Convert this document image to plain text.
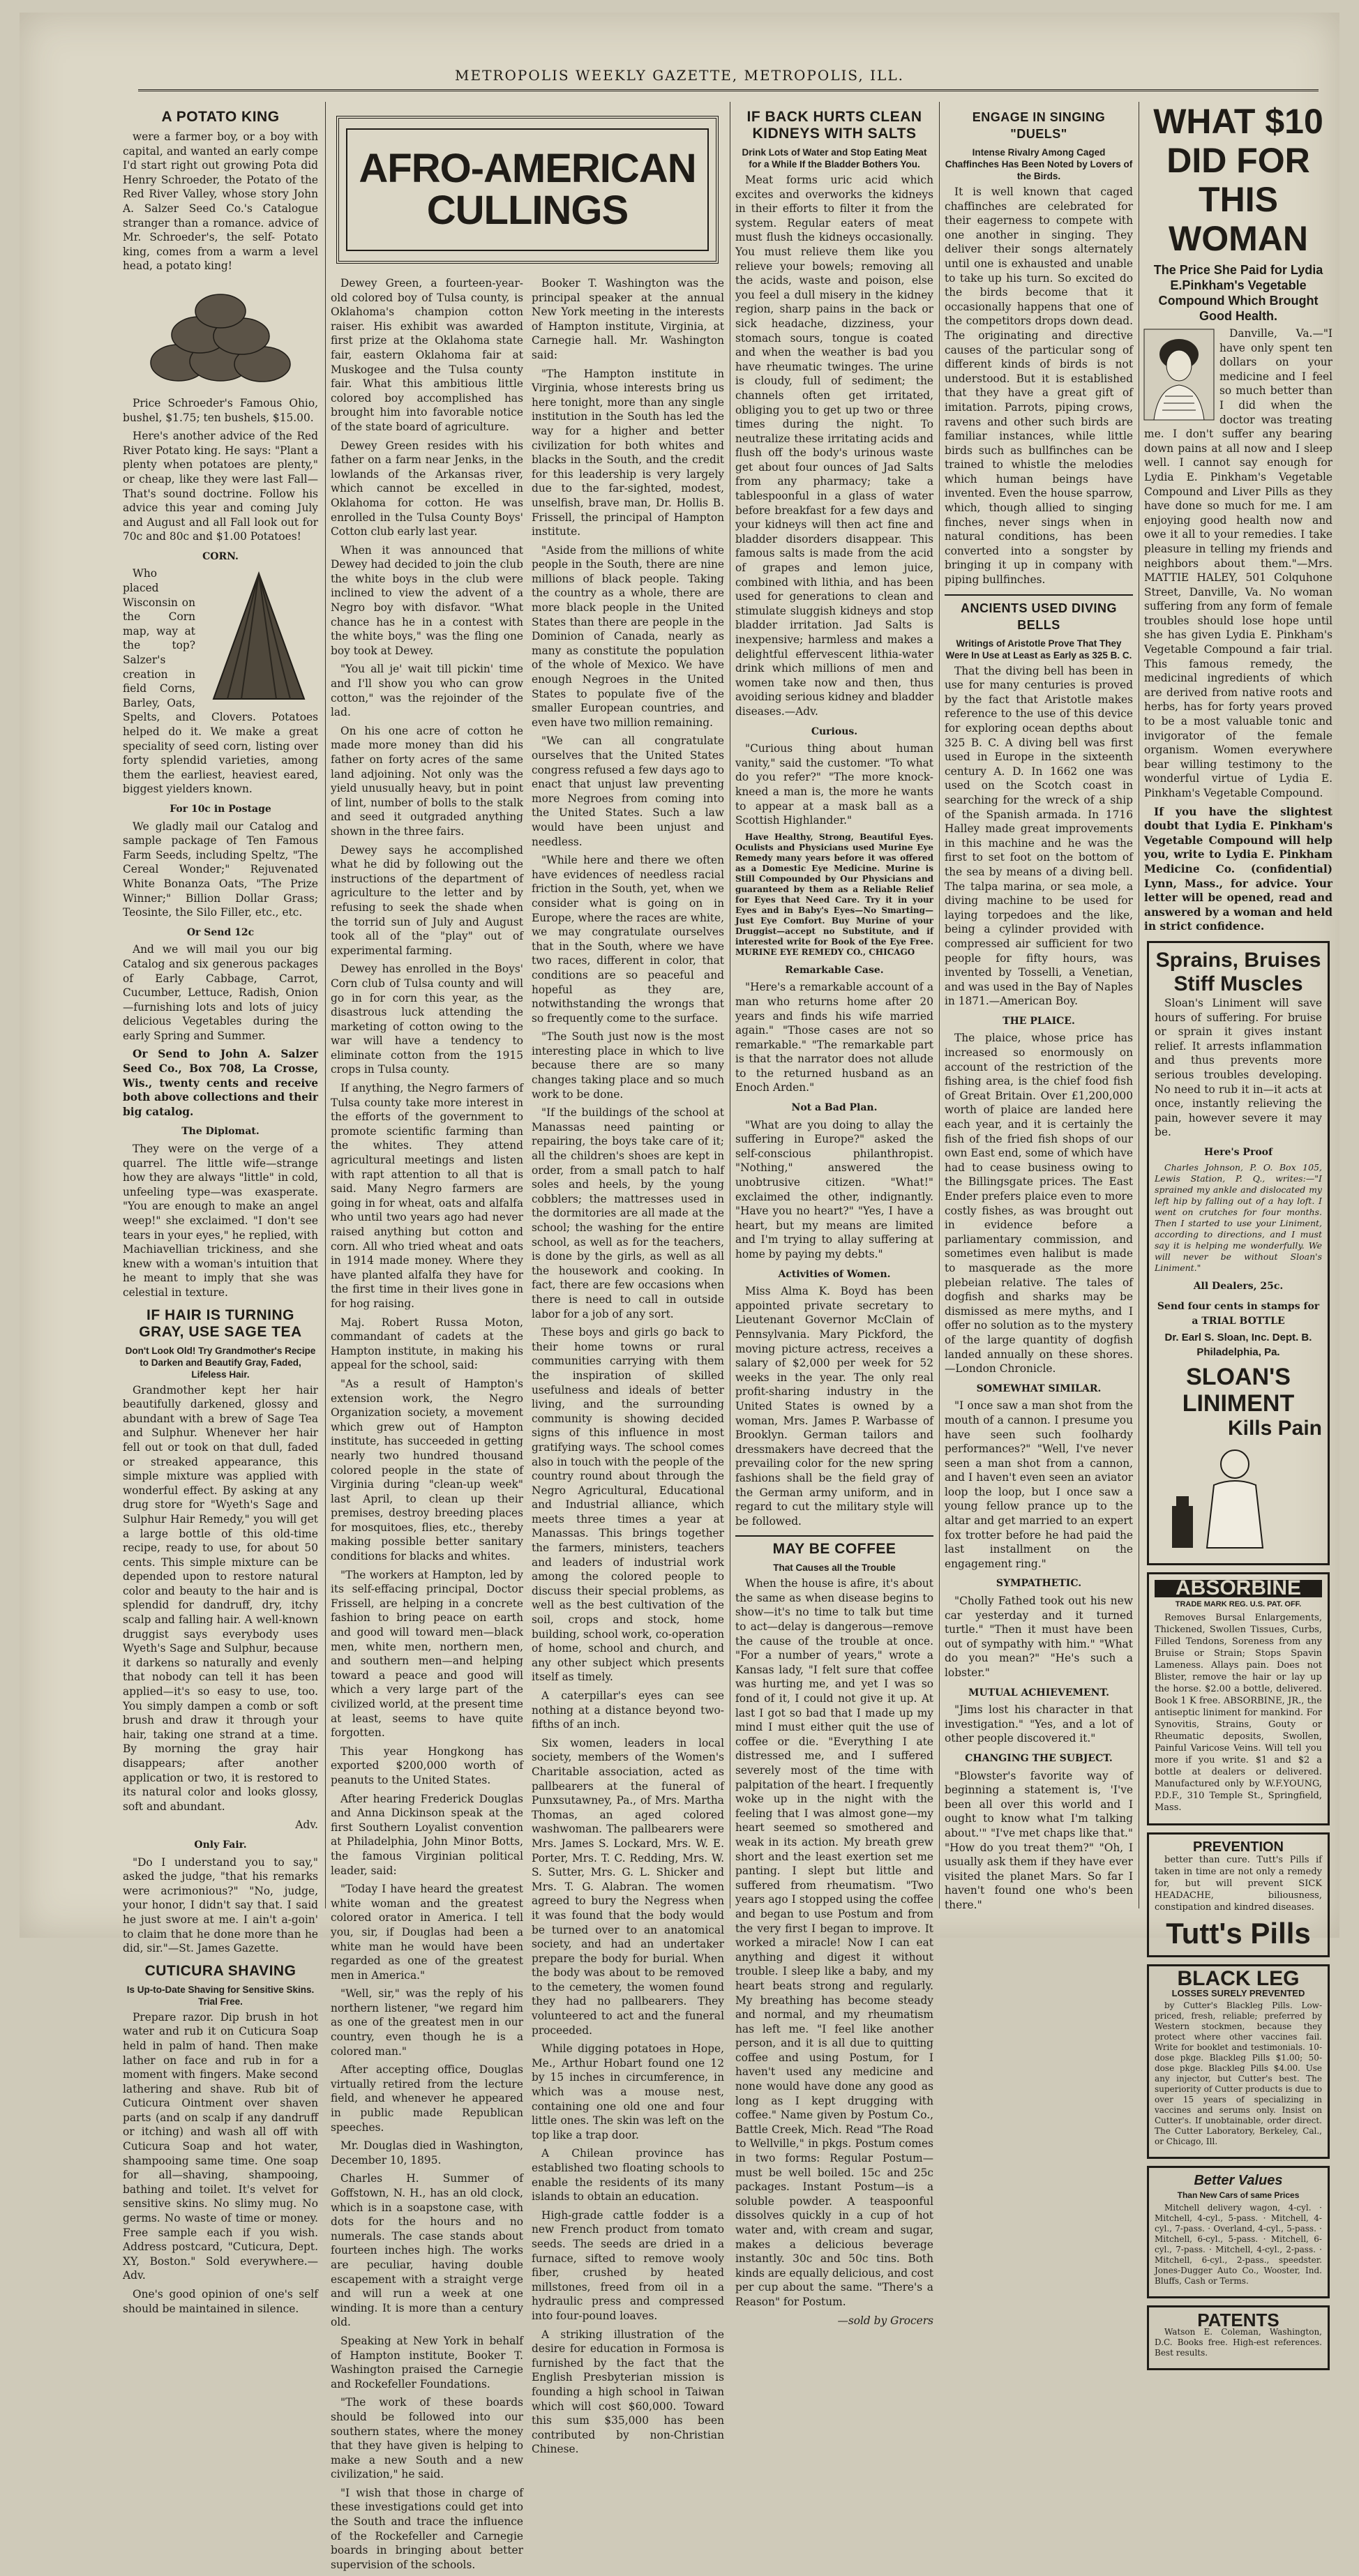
METROPOLIS WEEKLY GAZETTE, METROPOLIS, ILL.
A POTATO KING

were a farmer boy, or a boy with capital, and wanted an early compe I'd start right out growing Pota did Henry Schroeder, the Potato of the Red River Valley, whose story John A. Salzer Seed Co.'s Catalogue stranger than a romance. advice of Mr. Schroeder's, the self- Potato king, comes from a warm a level head, a potato king!

Price Schroeder's Famous Ohio, bushel, $1.75; ten bushels, $15.00.

Here's another advice of the Red River Potato king. He says: "Plant a plenty when potatoes are plenty," or cheap, like they were last Fall—That's sound doctrine. Follow his advice this year and coming July and August and all Fall look out for 70c and 80c and $1.00 Potatoes!

CORN.

Who placed Wisconsin on the Corn map, way at the top? Salzer's creation in field Corns, Barley, Oats, Spelts, and Clovers. Potatoes helped do it. We make a great speciality of seed corn, listing over forty splendid varieties, among them the earliest, heaviest eared, biggest yielders known.

For 10c in Postage

We gladly mail our Catalog and sample package of Ten Famous Farm Seeds, including Speltz, "The Cereal Wonder;" Rejuvenated White Bonanza Oats, "The Prize Winner;" Billion Dollar Grass; Teosinte, the Silo Filler, etc., etc.

Or Send 12c

And we will mail you our big Catalog and six generous packages of Early Cabbage, Carrot, Cucumber, Lettuce, Radish, Onion—furnishing lots and lots of juicy delicious Vegetables during the early Spring and Summer.

Or Send to John A. Salzer Seed Co., Box 708, La Crosse, Wis., twenty cents and receive both above collections and their big catalog.

The Diplomat.

They were on the verge of a quarrel. The little wife—strange how they are always "little" in cold, unfeeling type—was exasperate. "You are enough to make an angel weep!" she exclaimed. "I don't see tears in your eyes," he replied, with Machiavellian trickiness, and she knew with a woman's intuition that he meant to imply that she was celestial in texture.

IF HAIR IS TURNING GRAY, USE SAGE TEA
Don't Look Old! Try Grandmother's Recipe to Darken and Beautify Gray, Faded, Lifeless Hair.

Grandmother kept her hair beautifully darkened, glossy and abundant with a brew of Sage Tea and Sulphur. Whenever her hair fell out or took on that dull, faded or streaked appearance, this simple mixture was applied with wonderful effect. By asking at any drug store for "Wyeth's Sage and Sulphur Hair Remedy," you will get a large bottle of this old-time recipe, ready to use, for about 50 cents. This simple mixture can be depended upon to restore natural color and beauty to the hair and is splendid for dandruff, dry, itchy scalp and falling hair. A well-known druggist says everybody uses Wyeth's Sage and Sulphur, because it darkens so naturally and evenly that nobody can tell it has been applied—it's so easy to use, too. You simply dampen a comb or soft brush and draw it through your hair, taking one strand at a time. By morning the gray hair disappears; after another application or two, it is restored to its natural color and looks glossy, soft and abundant.

Adv.
Only Fair.

"Do I understand you to say," asked the judge, "that his remarks were acrimonious?" "No, judge, your honor, I didn't say that. I said he just swore at me. I ain't a-goin' to claim that he done more than he did, sir."—St. James Gazette.

CUTICURA SHAVING
Is Up-to-Date Shaving for Sensitive Skins. Trial Free.

Prepare razor. Dip brush in hot water and rub it on Cuticura Soap held in palm of hand. Then make lather on face and rub in for a moment with fingers. Make second lathering and shave. Rub bit of Cuticura Ointment over shaven parts (and on scalp if any dandruff or itching) and wash all off with Cuticura Soap and hot water, shampooing same time. One soap for all—shaving, shampooing, bathing and toilet. It's velvet for sensitive skins. No slimy mug. No germs. No waste of time or money. Free sample each if you wish. Address postcard, "Cuticura, Dept. XY, Boston." Sold everywhere.—Adv.

One's good opinion of one's self should be maintained in silence.

AFRO-AMERICAN CULLINGS

Dewey Green, a fourteen-year-old colored boy of Tulsa county, is Oklahoma's champion cotton raiser. His exhibit was awarded first prize at the Oklahoma state fair, eastern Oklahoma fair at Muskogee and the Tulsa county fair. What this ambitious little colored boy accomplished has brought him into favorable notice of the state board of agriculture.

Dewey Green resides with his father on a farm near Jenks, in the lowlands of the Arkansas river, which cannot be excelled in Oklahoma for cotton. He was enrolled in the Tulsa County Boys' Cotton club early last year.

When it was announced that Dewey had decided to join the club the white boys in the club were inclined to view the advent of a Negro boy with disfavor. "What chance has he in a contest with the white boys," was the fling one boy took at Dewey.

"You all je' wait till pickin' time and I'll show you who can grow cotton," was the rejoinder of the lad.

On his one acre of cotton he made more money than did his father on forty acres of the same land adjoining. Not only was the yield unusually heavy, but in point of lint, number of bolls to the stalk and seed it outgraded anything shown in the three fairs.

Dewey says he accomplished what he did by following out the instructions of the department of agriculture to the letter and by refusing to seek the shade when the torrid sun of July and August took all of the "play" out of experimental farming.

Dewey has enrolled in the Boys' Corn club of Tulsa county and will go in for corn this year, as the disastrous luck attending the marketing of cotton owing to the war will have a tendency to eliminate cotton from the 1915 crops in Tulsa county.

If anything, the Negro farmers of Tulsa county take more interest in the efforts of the government to promote scientific farming than the whites. They attend agricultural meetings and listen with rapt attention to all that is said. Many Negro farmers are going in for wheat, oats and alfalfa who until two years ago had never raised anything but cotton and corn. All who tried wheat and oats in 1914 made money. Where they have planted alfalfa they have for the first time in their lives gone in for hog raising.

Maj. Robert Russa Moton, commandant of cadets at the Hampton institute, in making his appeal for the school, said:

"As a result of Hampton's extension work, the Negro Organization society, a movement which grew out of Hampton institute, has succeeded in getting nearly two hundred thousand colored people in the state of Virginia during "clean-up week" last April, to clean up their premises, destroy breeding places for mosquitoes, flies, etc., thereby making possible better sanitary conditions for blacks and whites.

"The workers at Hampton, led by its self-effacing principal, Doctor Frissell, are helping in a concrete fashion to bring peace on earth and good will toward men—black men, white men, northern men, and southern men—and helping toward a peace and good will which a very large part of the civilized world, at the present time at least, seems to have quite forgotten.

This year Hongkong has exported $200,000 worth of peanuts to the United States.

After hearing Frederick Douglas and Anna Dickinson speak at the first Southern Loyalist convention at Philadelphia, John Minor Botts, the famous Virginian political leader, said:

"Today I have heard the greatest white woman and the greatest colored orator in America. I tell you, sir, if Douglas had been a white man he would have been regarded as one of the greatest men in America."

"Well, sir," was the reply of his northern listener, "we regard him as one of the greatest men in our country, even though he is a colored man."

After accepting office, Douglas virtually retired from the lecture field, and whenever he appeared in public made Republican speeches.

Mr. Douglas died in Washington, December 10, 1895.

Charles H. Summer of Goffstown, N. H., has an old clock, which is in a soapstone case, with dots for the hours and no numerals. The case stands about fourteen inches high. The works are peculiar, having double escapement with a straight verge and will run a week at one winding. It is more than a century old.

Speaking at New York in behalf of Hampton institute, Booker T. Washington praised the Carnegie and Rockefeller Foundations.

"The work of these boards should be followed into our southern states, where the money that they have given is helping to make a new South and a new civilization," he said.

"I wish that those in charge of these investigations could get into the South and trace the influence of the Rockefeller and Carnegie boards in bringing about better supervision of the schools.

Booker T. Washington was the principal speaker at the annual New York meeting in the interests of Hampton institute, Virginia, at Carnegie hall. Mr. Washington said:

"The Hampton institute in Virginia, whose interests bring us here tonight, more than any single institution in the South has led the way for a higher and better civilization for both whites and blacks in the South, and the credit for this leadership is very largely due to the far-sighted, modest, unselfish, brave man, Dr. Hollis B. Frissell, the principal of Hampton institute.

"Aside from the millions of white people in the South, there are nine millions of black people. Taking the country as a whole, there are more black people in the United States than there are people in the Dominion of Canada, nearly as many as constitute the population of the whole of Mexico. We have enough Negroes in the United States to populate five of the smaller European countries, and even have two million remaining.

"We can all congratulate ourselves that the United States congress refused a few days ago to enact that unjust law preventing more Negroes from coming into the United States. Such a law would have been unjust and needless.

"While here and there we often have evidences of needless racial friction in the South, yet, when we consider what is going on in Europe, where the races are white, we may congratulate ourselves that in the South, where we have two races, different in color, that conditions are so peaceful and hopeful as they are, notwithstanding the wrongs that so frequently come to the surface.

"The South just now is the most interesting place in which to live because there are so many changes taking place and so much work to be done.

"If the buildings of the school at Manassas need painting or repairing, the boys take care of it; all the children's shoes are kept in order, from a small patch to half soles and heels, by the young cobblers; the mattresses used in the dormitories are all made at the school; the washing for the entire school, as well as for the teachers, is done by the girls, as well as all the housework and cooking. In fact, there are few occasions when there is need to call in outside labor for a job of any sort.

These boys and girls go back to their home towns or rural communities carrying with them the inspiration of skilled usefulness and ideals of better living, and the surrounding community is showing decided signs of this influence in most gratifying ways. The school comes also in touch with the people of the country round about through the Negro Agricultural, Educational and Industrial alliance, which meets three times a year at Manassas. This brings together the farmers, ministers, teachers and leaders of industrial work among the colored people to discuss their special problems, as well as the best cultivation of the soil, crops and stock, home building, school work, co-operation of home, school and church, and any other subject which presents itself as timely.

A caterpillar's eyes can see nothing at a distance beyond two-fifths of an inch.

Six women, leaders in local society, members of the Women's Charitable association, acted as pallbearers at the funeral of Punxsutawney, Pa., of Mrs. Martha Thomas, an aged colored washwoman. The pallbearers were Mrs. James S. Lockard, Mrs. W. E. Porter, Mrs. T. C. Redding, Mrs. W. S. Sutter, Mrs. G. L. Shicker and Mrs. T. G. Alabran. The women agreed to bury the Negress when it was found that the body would be turned over to an anatomical society, and had an undertaker prepare the body for burial. When the body was about to be removed to the cemetery, the women found they had no pallbearers. They volunteered to act and the funeral proceeded.

While digging potatoes in Hope, Me., Arthur Hobart found one 12 by 15 inches in circumference, in which was a mouse nest, containing one old one and four little ones. The skin was left on the top like a trap door.

A Chilean province has established two floating schools to enable the residents of its many islands to obtain an education.

High-grade cattle fodder is a new French product from tomato seeds. The seeds are dried in a furnace, sifted to remove wooly fiber, crushed by heated millstones, freed from oil in a hydraulic press and compressed into four-pound loaves.

A striking illustration of the desire for education in Formosa is furnished by the fact that the English Presbyterian mission is founding a high school in Taiwan which will cost $60,000. Toward this sum $35,000 has been contributed by non-Christian Chinese.

IF BACK HURTS CLEAN KIDNEYS WITH SALTS
Drink Lots of Water and Stop Eating Meat for a While If the Bladder Bothers You.

Meat forms uric acid which excites and overworks the kidneys in their efforts to filter it from the system. Regular eaters of meat must flush the kidneys occasionally. You must relieve them like you relieve your bowels; removing all the acids, waste and poison, else you feel a dull misery in the kidney region, sharp pains in the back or sick headache, dizziness, your stomach sours, tongue is coated and when the weather is bad you have rheumatic twinges. The urine is cloudy, full of sediment; the channels often get irritated, obliging you to get up two or three times during the night. To neutralize these irritating acids and flush off the body's urinous waste get about four ounces of Jad Salts from any pharmacy; take a tablespoonful in a glass of water before breakfast for a few days and your kidneys will then act fine and bladder disorders disappear. This famous salts is made from the acid of grapes and lemon juice, combined with lithia, and has been used for generations to clean and stimulate sluggish kidneys and stop bladder irritation. Jad Salts is inexpensive; harmless and makes a delightful effervescent lithia-water drink which millions of men and women take now and then, thus avoiding serious kidney and bladder diseases.—Adv.

Curious.

"Curious thing about human vanity," said the customer. "To what do you refer?" "The more knock-kneed a man is, the more he wants to appear at a mask ball as a Scottish Highlander."

Have Healthy, Strong, Beautiful Eyes. Oculists and Physicians used Murine Eye Remedy many years before it was offered as a Domestic Eye Medicine. Murine is Still Compounded by Our Physicians and guaranteed by them as a Reliable Relief for Eyes that Need Care. Try it in your Eyes and in Baby's Eyes—No Smarting—Just Eye Comfort. Buy Murine of your Druggist—accept no Substitute, and if interested write for Book of the Eye Free. MURINE EYE REMEDY CO., CHICAGO

Remarkable Case.

"Here's a remarkable account of a man who returns home after 20 years and finds his wife married again." "Those cases are not so remarkable." "The remarkable part is that the narrator does not allude to the returned husband as an Enoch Arden."

Not a Bad Plan.

"What are you doing to allay the suffering in Europe?" asked the self-conscious philanthropist. "Nothing," answered the unobtrusive citizen. "What!" exclaimed the other, indignantly. "Have you no heart?" "Yes, I have a heart, but my means are limited and I'm trying to allay suffering at home by paying my debts."

Activities of Women.

Miss Alma K. Boyd has been appointed private secretary to Lieutenant Governor McClain of Pennsylvania. Mary Pickford, the moving picture actress, receives a salary of $2,000 per week for 52 weeks in the year. The only real profit-sharing industry in the United States is owned by a woman, Mrs. James P. Warbasse of Brooklyn. German tailors and dressmakers have decreed that the prevailing color for the new spring fashions shall be the field gray of the German army uniform, and in regard to cut the military style will be followed.

MAY BE COFFEE
That Causes all the Trouble

When the house is afire, it's about the same as when disease begins to show—it's no time to talk but time to act—delay is dangerous—remove the cause of the trouble at once. "For a number of years," wrote a Kansas lady, "I felt sure that coffee was hurting me, and yet I was so fond of it, I could not give it up. At last I got so bad that I made up my mind I must either quit the use of coffee or die. "Everything I ate distressed me, and I suffered severely most of the time with palpitation of the heart. I frequently woke up in the night with the feeling that I was almost gone—my heart seemed so smothered and weak in its action. My breath grew short and the least exertion set me panting. I slept but little and suffered from rheumatism. "Two years ago I stopped using the coffee and began to use Postum and from the very first I began to improve. It worked a miracle! Now I can eat anything and digest it without trouble. I sleep like a baby, and my heart beats strong and regularly. My breathing has become steady and normal, and my rheumatism has left me. "I feel like another person, and it is all due to quitting coffee and using Postum, for I haven't used any medicine and none would have done any good as long as I kept drugging with coffee." Name given by Postum Co., Battle Creek, Mich. Read "The Road to Wellville," in pkgs. Postum comes in two forms: Regular Postum—must be well boiled. 15c and 25c packages. Instant Postum—is a soluble powder. A teaspoonful dissolves quickly in a cup of hot water and, with cream and sugar, makes a delicious beverage instantly. 30c and 50c tins. Both kinds are equally delicious, and cost per cup about the same. "There's a Reason" for Postum.

—sold by Grocers
ENGAGE IN SINGING "DUELS"
Intense Rivalry Among Caged Chaffinches Has Been Noted by Lovers of the Birds.

It is well known that caged chaffinches are celebrated for their eagerness to compete with one another in singing. They deliver their songs alternately until one is exhausted and unable to take up his turn. So excited do the birds become that it occasionally happens that one of the competitors drops down dead. The originating and directive causes of the particular song of different kinds of birds is not understood. But it is established that they have a great gift of imitation. Parrots, piping crows, ravens and other such birds are familiar instances, while little birds such as bullfinches can be trained to whistle the melodies which human beings have invented. Even the house sparrow, which, though allied to singing finches, never sings when in natural conditions, has been converted into a songster by bringing it up in company with piping bullfinches.

ANCIENTS USED DIVING BELLS
Writings of Aristotle Prove That They Were In Use at Least as Early as 325 B. C.

That the diving bell has been in use for many centuries is proved by the fact that Aristotle makes reference to the use of this device for exploring ocean depths about 325 B. C. A diving bell was first used in Europe in the sixteenth century A. D. In 1662 one was used on the Scotch coast in searching for the wreck of a ship of the Spanish armada. In 1716 Halley made great improvements in this machine and he was the first to set foot on the bottom of the sea by means of a diving bell. The talpa marina, or sea mole, a diving machine to be used for laying torpedoes and the like, being a cylinder provided with compressed air sufficient for two people for fifty hours, was invented by Tosselli, a Venetian, and was used in the Bay of Naples in 1871.—American Boy.

THE PLAICE.

The plaice, whose price has increased so enormously on account of the restriction of the fishing area, is the chief food fish of Great Britain. Over £1,200,000 worth of plaice are landed here each year, and it is certainly the fish of the fried fish shops of our own East end, some of which have had to cease business owing to the Billingsgate prices. The East Ender prefers plaice even to more costly fishes, as was brought out in evidence before a parliamentary commission, and sometimes even halibut is made to masquerade as the more plebeian relative. The tales of dogfish and sharks may be dismissed as mere myths, and I offer no solution as to the mystery of the large quantity of dogfish landed annually on these shores.—London Chronicle.

SOMEWHAT SIMILAR.

"I once saw a man shot from the mouth of a cannon. I presume you have seen such foolhardy performances?" "Well, I've never seen a man shot from a cannon, and I haven't even seen an aviator loop the loop, but I once saw a young fellow prance up to the altar and get married to an expert fox trotter before he had paid the last installment on the engagement ring."

SYMPATHETIC.

"Cholly Fathed took out his new car yesterday and it turned turtle." "Then it must have been out of sympathy with him." "What do you mean?" "He's such a lobster."

MUTUAL ACHIEVEMENT.

"Jims lost his character in that investigation." "Yes, and a lot of other people discovered it."

CHANGING THE SUBJECT.

"Blowster's favorite way of beginning a statement is, 'I've been all over this world and I ought to know what I'm talking about.'" "I've met chaps like that." "How do you treat them?" "Oh, I usually ask them if they have ever visited the planet Mars. So far I haven't found one who's been there."

WHAT $10 DID FOR THIS WOMAN
The Price She Paid for Lydia E.Pinkham's Vegetable Compound Which Brought Good Health.

Danville, Va.—"I have only spent ten dollars on your medicine and I feel so much better than I did when the doctor was treating me. I don't suffer any bearing down pains at all now and I sleep well. I cannot say enough for Lydia E. Pinkham's Vegetable Compound and Liver Pills as they have done so much for me. I am enjoying good health now and owe it all to your remedies. I take pleasure in telling my friends and neighbors about them."—Mrs. MATTIE HALEY, 501 Colquhone Street, Danville, Va. No woman suffering from any form of female troubles should lose hope until she has given Lydia E. Pinkham's Vegetable Compound a fair trial. This famous remedy, the medicinal ingredients of which are derived from native roots and herbs, has for forty years proved to be a most valuable tonic and invigorator of the female organism. Women everywhere bear willing testimony to the wonderful virtue of Lydia E. Pinkham's Vegetable Compound.

If you have the slightest doubt that Lydia E. Pinkham's Vegetable Compound will help you, write to Lydia E. Pinkham Medicine Co. (confidential) Lynn, Mass., for advice. Your letter will be opened, read and answered by a woman and held in strict confidence.

Sprains, Bruises Stiff Muscles

Sloan's Liniment will save hours of suffering. For bruise or sprain it gives instant relief. It arrests inflammation and thus prevents more serious troubles developing. No need to rub it in—it acts at once, instantly relieving the pain, however severe it may be.

Here's Proof

Charles Johnson, P. O. Box 105, Lewis Station, P. Q., writes:—"I sprained my ankle and dislocated my left hip by falling out of a hay loft. I went on crutches for four months. Then I started to use your Liniment, according to directions, and I must say it is helping me wonderfully. We will never be without Sloan's Liniment."

All Dealers, 25c.
Send four cents in stamps for a TRIAL BOTTLE
Dr. Earl S. Sloan, Inc. Dept. B. Philadelphia, Pa.
SLOAN'S LINIMENT
Kills Pain
ABSORBINE
TRADE MARK REG. U.S. PAT. OFF.

Removes Bursal Enlargements, Thickened, Swollen Tissues, Curbs, Filled Tendons, Soreness from any Bruise or Strain; Stops Spavin Lameness. Allays pain. Does not Blister, remove the hair or lay up the horse. $2.00 a bottle, delivered. Book 1 K free. ABSORBINE, JR., the antiseptic liniment for mankind. For Synovitis, Strains, Gouty or Rheumatic deposits, Swollen, Painful Varicose Veins. Will tell you more if you write. $1 and $2 a bottle at dealers or delivered. Manufactured only by W.F.YOUNG, P.D.F., 310 Temple St., Springfield, Mass.

PREVENTION

better than cure. Tutt's Pills if taken in time are not only a remedy for, but will prevent SICK HEADACHE, biliousness, constipation and kindred diseases.

Tutt's Pills
BLACK LEG
LOSSES SURELY PREVENTED

by Cutter's Blackleg Pills. Low-priced, fresh, reliable; preferred by Western stockmen, because they protect where other vaccines fail. Write for booklet and testimonials. 10-dose pkge. Blackleg Pills $1.00; 50-dose pkge. Blackleg Pills $4.00. Use any injector, but Cutter's best. The superiority of Cutter products is due to over 15 years of specializing in vaccines and serums only. Insist on Cutter's. If unobtainable, order direct. The Cutter Laboratory, Berkeley, Cal., or Chicago, Ill.

Better Values
Than New Cars of same Prices

Mitchell delivery wagon, 4-cyl. · Mitchell, 4-cyl., 5-pass. · Mitchell, 4-cyl., 7-pass. · Overland, 4-cyl., 5-pass. · Mitchell, 6-cyl., 5-pass. · Mitchell, 6-cyl., 7-pass. · Mitchell, 4-cyl., 2-pass. · Mitchell, 6-cyl., 2-pass., speedster. Jones-Dugger Auto Co., Wooster, Ind. Bluffs, Cash or Terms.

PATENTS

Watson E. Coleman, Washington, D.C. Books free. High-est references. Best results.
